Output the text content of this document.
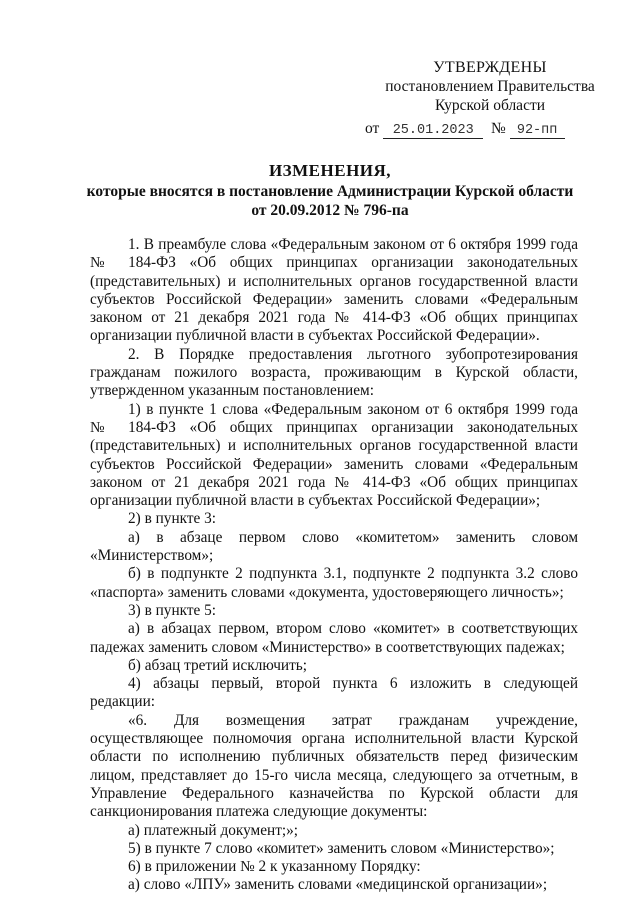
УТВЕРЖДЕНЫ
постановлением Правительства
Курской области
от 25.01.2023 № 92-пп
ИЗМЕНЕНИЯ,
которые вносятся в постановление Администрации Курской области
от 20.09.2012 № 796-па

1. В преамбуле слова «Федеральным законом от 6 октября 1999 года № 184-ФЗ «Об общих принципах организации законодательных (представительных) и исполнительных органов государственной власти субъектов Российской Федерации» заменить словами «Федеральным законом от 21 декабря 2021 года № 414-ФЗ «Об общих принципах организации публичной власти в субъектах Российской Федерации».

2. В Порядке предоставления льготного зубопротезирования гражданам пожилого возраста, проживающим в Курской области, утвержденном указанным постановлением:

1) в пункте 1 слова «Федеральным законом от 6 октября 1999 года № 184-ФЗ «Об общих принципах организации законодательных (представительных) и исполнительных органов государственной власти субъектов Российской Федерации» заменить словами «Федеральным законом от 21 декабря 2021 года № 414-ФЗ «Об общих принципах организации публичной власти в субъектах Российской Федерации»;

2) в пункте 3:

а) в абзаце первом слово «комитетом» заменить словом «Министерством»;

б) в подпункте 2 подпункта 3.1, подпункте 2 подпункта 3.2 слово «паспорта» заменить словами «документа, удостоверяющего личность»;

3) в пункте 5:

а) в абзацах первом, втором слово «комитет» в соответствующих падежах заменить словом «Министерство» в соответствующих падежах;

б) абзац третий исключить;

4) абзацы первый, второй пункта 6 изложить в следующей редакции:

«6. Для возмещения затрат гражданам учреждение, осуществляющее полномочия органа исполнительной власти Курской области по исполнению публичных обязательств перед физическим лицом, представляет до 15-го числа месяца, следующего за отчетным, в Управление Федерального казначейства по Курской области для санкционирования платежа следующие документы:

а) платежный документ;»;

5) в пункте 7 слово «комитет» заменить словом «Министерство»;

6) в приложении № 2 к указанному Порядку:

а) слово «ЛПУ» заменить словами «медицинской организации»;
